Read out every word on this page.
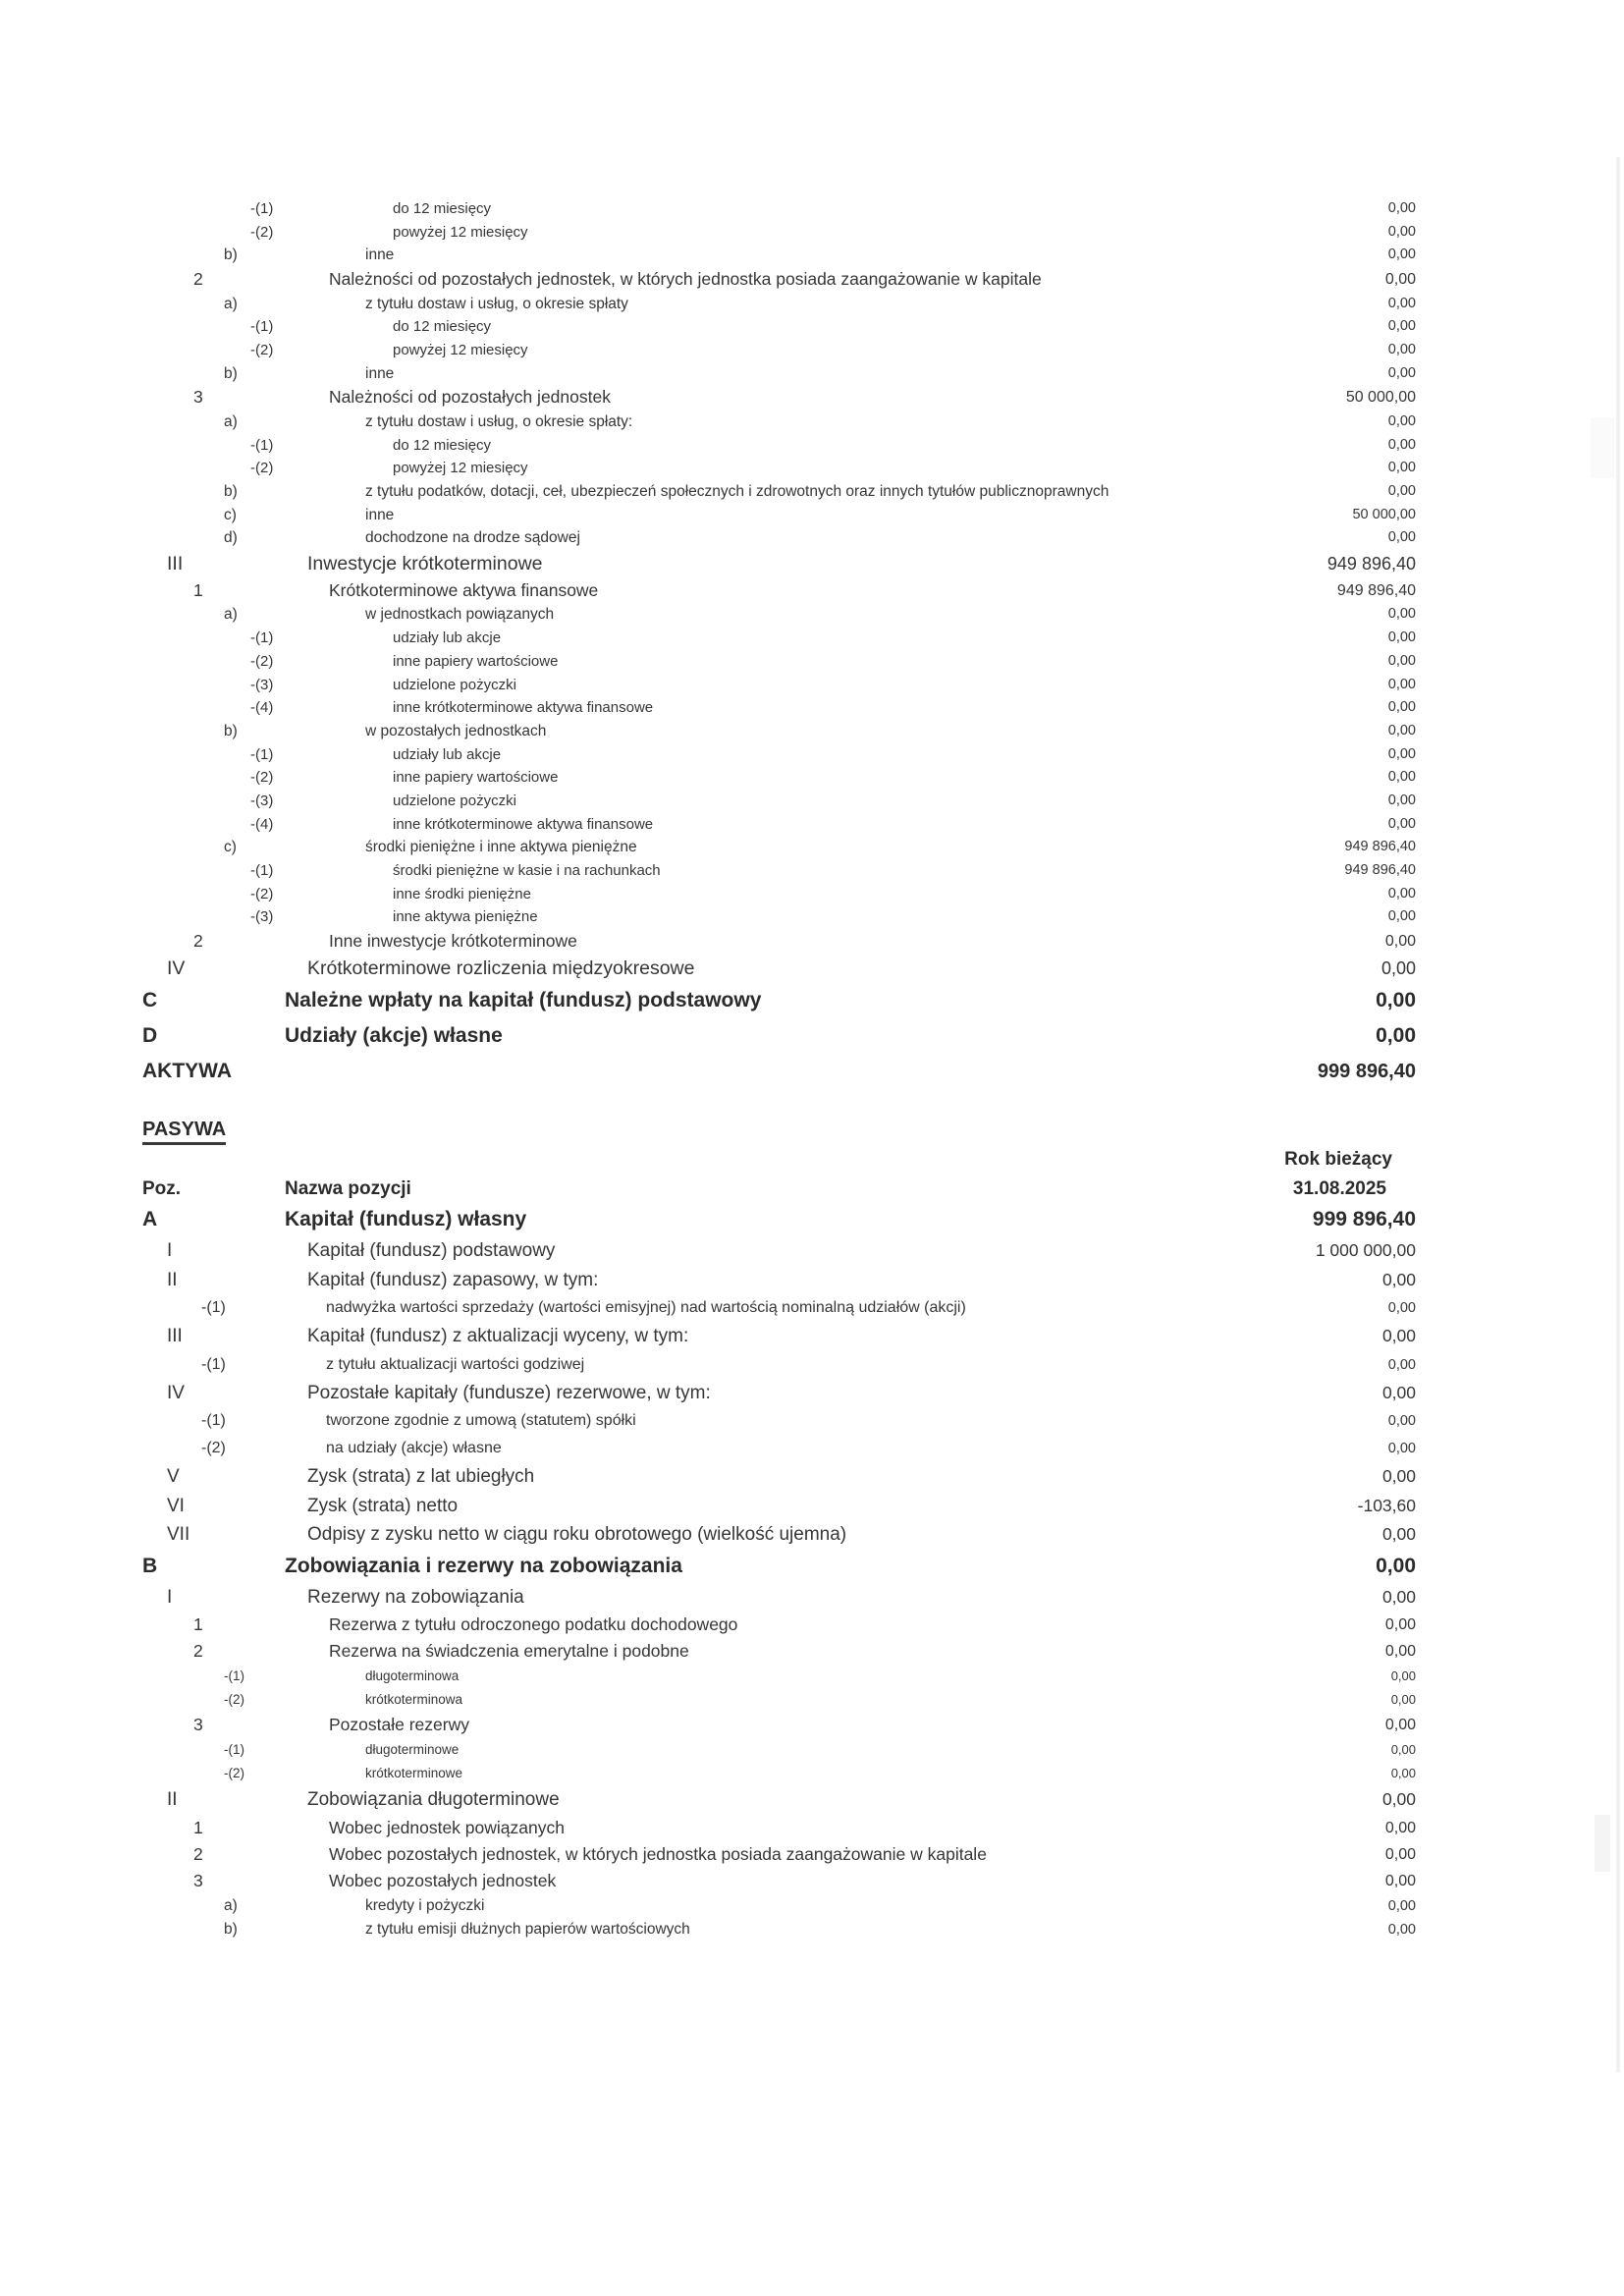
-(1)	do 12 miesięcy	0,00
-(2)	powyżej 12 miesięcy	0,00
b)	inne	0,00
2	Należności od pozostałych jednostek, w których jednostka posiada zaangażowanie w kapitale	0,00
a)	z tytułu dostaw i usług, o okresie spłaty	0,00
-(1)	do 12 miesięcy	0,00
-(2)	powyżej 12 miesięcy	0,00
b)	inne	0,00
3	Należności od pozostałych jednostek	50 000,00
a)	z tytułu dostaw i usług, o okresie spłaty:	0,00
-(1)	do 12 miesięcy	0,00
-(2)	powyżej 12 miesięcy	0,00
b)	z tytułu podatków, dotacji, ceł, ubezpieczeń społecznych i zdrowotnych oraz innych tytułów publicznoprawnych	0,00
c)	inne	50 000,00
d)	dochodzone na drodze sądowej	0,00
III	Inwestycje krótkoterminowe	949 896,40
1	Krótkoterminowe aktywa finansowe	949 896,40
a)	w jednostkach powiązanych	0,00
-(1)	udziały lub akcje	0,00
-(2)	inne papiery wartościowe	0,00
-(3)	udzielone pożyczki	0,00
-(4)	inne krótkoterminowe aktywa finansowe	0,00
b)	w pozostałych jednostkach	0,00
-(1)	udziały lub akcje	0,00
-(2)	inne papiery wartościowe	0,00
-(3)	udzielone pożyczki	0,00
-(4)	inne krótkoterminowe aktywa finansowe	0,00
c)	środki pieniężne i inne aktywa pieniężne	949 896,40
-(1)	środki pieniężne w kasie i na rachunkach	949 896,40
-(2)	inne środki pieniężne	0,00
-(3)	inne aktywa pieniężne	0,00
2	Inne inwestycje krótkoterminowe	0,00
IV	Krótkoterminowe rozliczenia międzyokresowe	0,00
C	Należne wpłaty na kapitał (fundusz) podstawowy	0,00
D	Udziały (akcje) własne	0,00
AKTYWA	999 896,40
PASYWA
Rok bieżący
Poz.	Nazwa pozycji	31.08.2025
A	Kapitał (fundusz) własny	999 896,40
I	Kapitał (fundusz) podstawowy	1 000 000,00
II	Kapitał (fundusz) zapasowy, w tym:	0,00
-(1)	nadwyżka wartości sprzedaży (wartości emisyjnej) nad wartością nominalną udziałów (akcji)	0,00
III	Kapitał (fundusz) z aktualizacji wyceny, w tym:	0,00
-(1)	z tytułu aktualizacji wartości godziwej	0,00
IV	Pozostałe kapitały (fundusze) rezerwowe, w tym:	0,00
-(1)	tworzone zgodnie z umową (statutem) spółki	0,00
-(2)	na udziały (akcje) własne	0,00
V	Zysk (strata) z lat ubiegłych	0,00
VI	Zysk (strata) netto	-103,60
VII	Odpisy z zysku netto w ciągu roku obrotowego (wielkość ujemna)	0,00
B	Zobowiązania i rezerwy na zobowiązania	0,00
I	Rezerwy na zobowiązania	0,00
1	Rezerwa z tytułu odroczonego podatku dochodowego	0,00
2	Rezerwa na świadczenia emerytalne i podobne	0,00
-(1)	długoterminowa	0,00
-(2)	krótkoterminowa	0,00
3	Pozostałe rezerwy	0,00
-(1)	długoterminowe	0,00
-(2)	krótkoterminowe	0,00
II	Zobowiązania długoterminowe	0,00
1	Wobec jednostek powiązanych	0,00
2	Wobec pozostałych jednostek, w których jednostka posiada zaangażowanie w kapitale	0,00
3	Wobec pozostałych jednostek	0,00
a)	kredyty i pożyczki	0,00
b)	z tytułu emisji dłużnych papierów wartościowych	0,00
